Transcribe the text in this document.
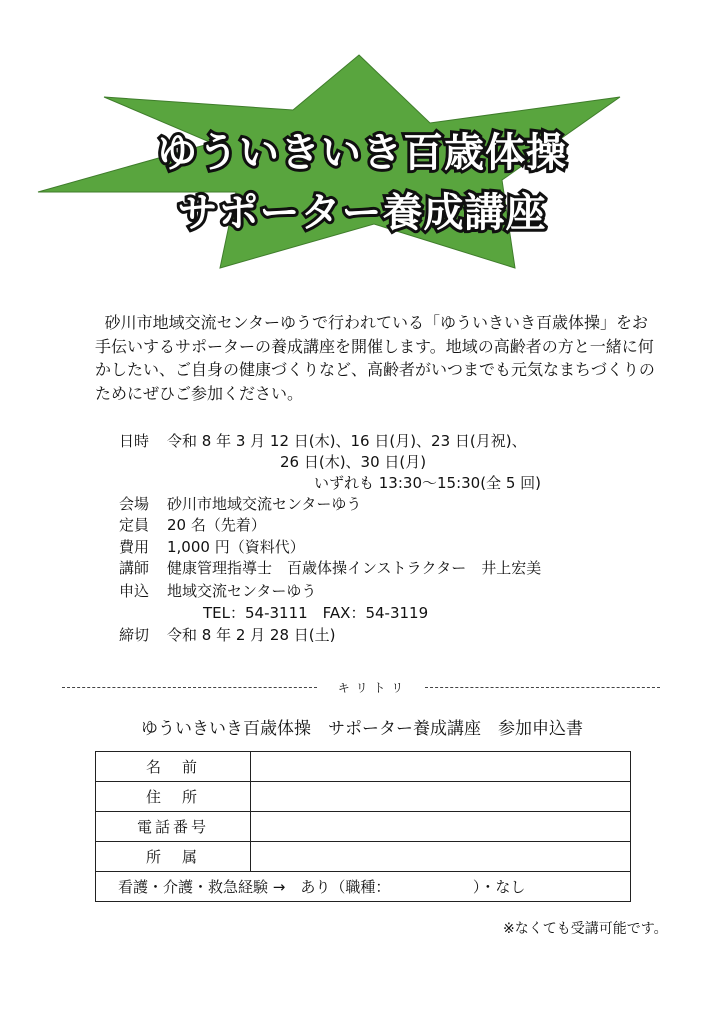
ゆういきいき百歳体操
サポーター養成講座
砂川市地域交流センターゆうで行われている「ゆういきいき百歳体操」をお手伝いするサポーターの養成講座を開催します。地域の高齢者の方と一緒に何かしたい、ご自身の健康づくりなど、高齢者がいつまでも元気なまちづくりのためにぜひご参加ください。
日時 令和 8 年 3 月 12 日(木)、16 日(月)、23 日(月祝)、
26 日(木)、30 日(月)
いずれも 13:30～15:30(全 5 回)
会場 砂川市地域交流センターゆう
定員 20 名（先着）
費用 1,000 円（資料代）
講師 健康管理指導士　百歳体操インストラクター　井上宏美
申込 地域交流センターゆう
TEL：54-3111　FAX：54-3119
締切 令和 8 年 2 月 28 日(土)
キ リ ト リ
ゆういきいき百歳体操　サポーター養成講座　参加申込書
名　前	
住　所	
電話番号	
所　属	
看護・介護・救急経験 →　あり（職種：　　　　　　）・なし	
※なくても受講可能です。
